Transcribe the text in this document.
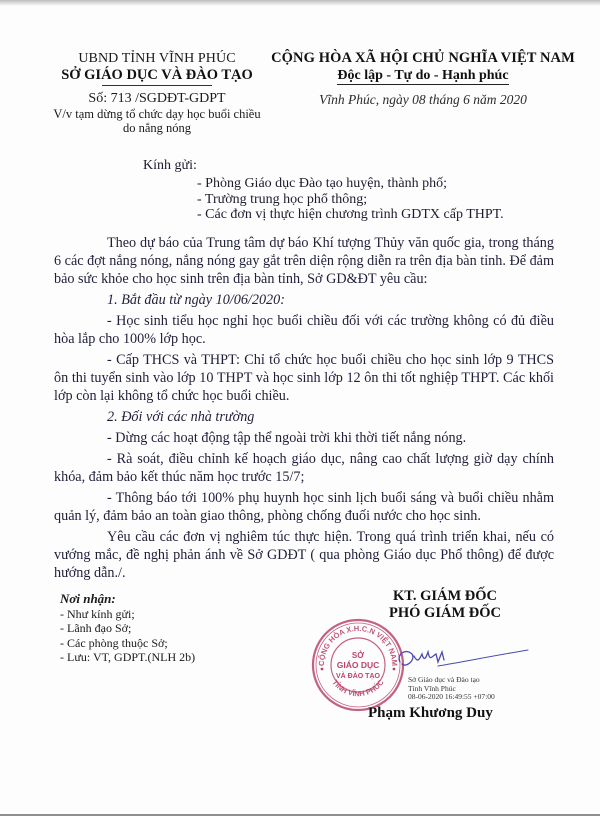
UBND TỈNH VĨNH PHÚC
SỞ GIÁO DỤC VÀ ĐÀO TẠO
Số: 713 /SGDĐT-GDPT
V/v tạm dừng tổ chức dạy học buổi chiều
do nắng nóng
CỘNG HÒA XÃ HỘI CHỦ NGHĨA VIỆT NAM
Độc lập - Tự do - Hạnh phúc
Vĩnh Phúc, ngày 08 tháng 6 năm 2020
Kính gửi:
- Phòng Giáo dục Đào tạo huyện, thành phố;
- Trường trung học phổ thông;
- Các đơn vị thực hiện chương trình GDTX cấp THPT.

Theo dự báo của Trung tâm dự báo Khí tượng Thủy văn quốc gia, trong tháng 6 các đợt nắng nóng, nắng nóng gay gắt trên diện rộng diễn ra trên địa bàn tỉnh. Để đảm bảo sức khỏe cho học sinh trên địa bàn tỉnh, Sở GD&ĐT yêu cầu:

1. Bắt đầu từ ngày 10/06/2020:

- Học sinh tiểu học nghỉ học buổi chiều đối với các trường không có đủ điều hòa lắp cho 100% lớp học.

- Cấp THCS và THPT: Chỉ tổ chức học buổi chiều cho học sinh lớp 9 THCS ôn thi tuyển sinh vào lớp 10 THPT và học sinh lớp 12 ôn thi tốt nghiệp THPT. Các khối lớp còn lại không tổ chức học buổi chiều.

2. Đối với các nhà trường

- Dừng các hoạt động tập thể ngoài trời khi thời tiết nắng nóng.

- Rà soát, điều chỉnh kế hoạch giáo dục, nâng cao chất lượng giờ dạy chính khóa, đảm bảo kết thúc năm học trước 15/7;

- Thông báo tới 100% phụ huynh học sinh lịch buổi sáng và buổi chiều nhằm quản lý, đảm bảo an toàn giao thông, phòng chống đuối nước cho học sinh.

Yêu cầu các đơn vị nghiêm túc thực hiện. Trong quá trình triển khai, nếu có vướng mắc, đề nghị phản ánh về Sở GDĐT ( qua phòng Giáo dục Phổ thông) để được hướng dẫn./.

Nơi nhận:
- Như kính gửi;
- Lãnh đạo Sở;
- Các phòng thuộc Sở;
- Lưu: VT, GDPT.(NLH 2b)
KT. GIÁM ĐỐC
PHÓ GIÁM ĐỐC
CỘNG HÒA X.H.C.N VIỆT NAM
TỈNH VĨNH PHÚC
SỞ
GIÁO DỤC
VÀ ĐÀO TẠO	Sở Giáo dục và Đào tạo
Tỉnh Vĩnh Phúc
08-06-2020 16:49:55 +07:00
Phạm Khương Duy
